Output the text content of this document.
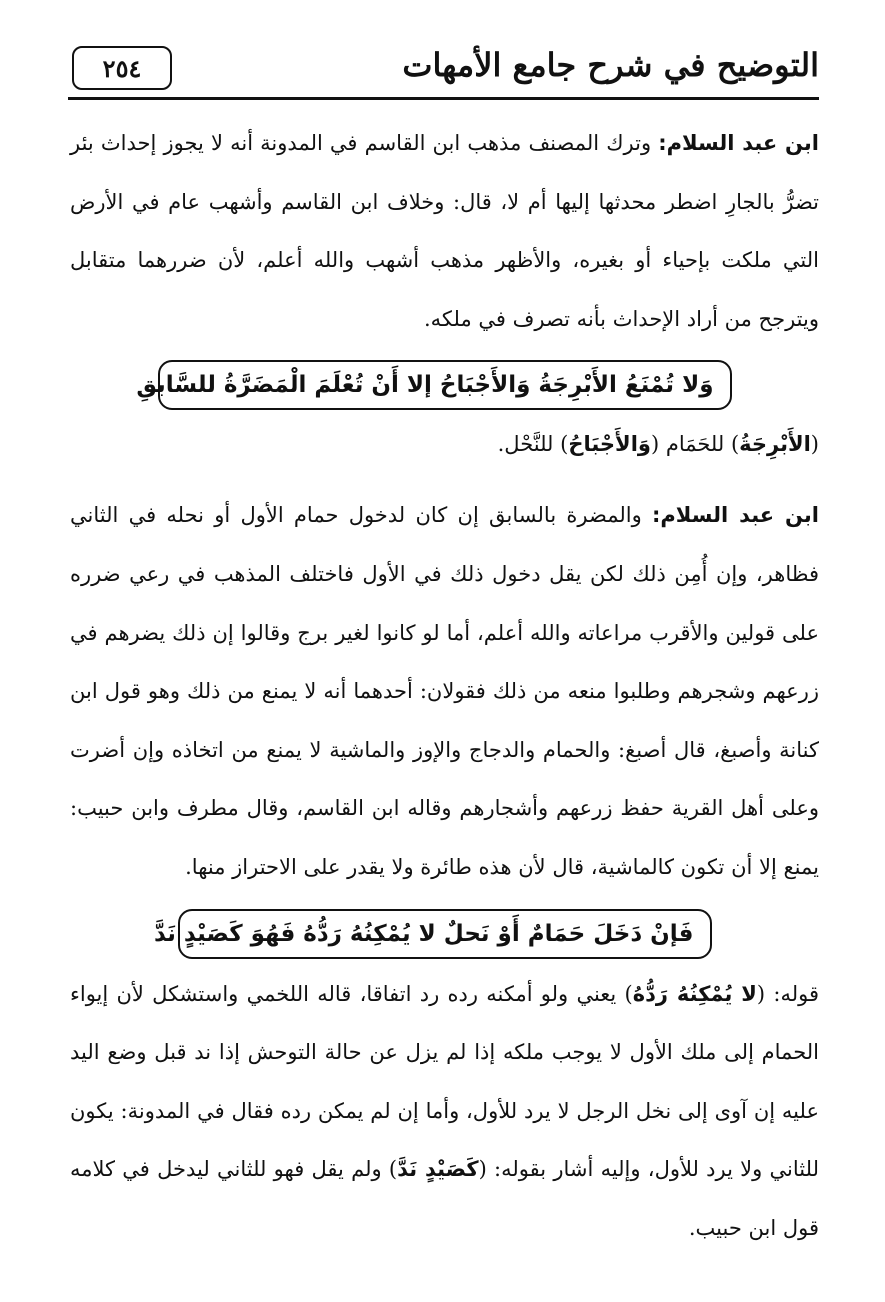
التوضيح في شرح جامع الأمهات
٢٥٤

ابن عبد السلام: وترك المصنف مذهب ابن القاسم في المدونة أنه لا يجوز إحداث بئر تضرُّ بالجارِ اضطر محدثها إليها أم لا، قال: وخلاف ابن القاسم وأشهب عام في الأرض التي ملكت بإحياء أو بغيره، والأظهر مذهب أشهب والله أعلم، لأن ضررهما متقابل ويترجح من أراد الإحداث بأنه تصرف في ملكه.

وَلا تُمْنَعُ الأَبْرِجَةُ وَالأَجْبَاحُ إلا أَنْ تُعْلَمَ الْمَضَرَّةُ للسَّابقِ

(الأَبْرِجَةُ) للحَمَام (وَالأَجْبَاحُ) للنَّحْل.

ابن عبد السلام: والمضرة بالسابق إن كان لدخول حمام الأول أو نحله في الثاني فظاهر، وإن أُمِن ذلك لكن يقل دخول ذلك في الأول فاختلف المذهب في رعي ضرره على قولين والأقرب مراعاته والله أعلم، أما لو كانوا لغير برج وقالوا إن ذلك يضرهم في زرعهم وشجرهم وطلبوا منعه من ذلك فقولان: أحدهما أنه لا يمنع من ذلك وهو قول ابن كنانة وأصبغ، قال أصبغ: والحمام والدجاج والإوز والماشية لا يمنع من اتخاذه وإن أضرت وعلى أهل القرية حفظ زرعهم وأشجارهم وقاله ابن القاسم، وقال مطرف وابن حبيب: يمنع إلا أن تكون كالماشية، قال لأن هذه طائرة ولا يقدر على الاحتراز منها.

فَإنْ دَخَلَ حَمَامٌ أَوْ نَحلٌ لا يُمْكِنُهُ رَدُّهُ فَهُوَ كَصَيْدٍ نَدَّ

قوله: (لا يُمْكِنُهُ رَدُّهُ) يعني ولو أمكنه رده رد اتفاقا، قاله اللخمي واستشكل لأن إيواء الحمام إلى ملك الأول لا يوجب ملكه إذا لم يزل عن حالة التوحش إذا ند قبل وضع اليد عليه إن آوى إلى نخل الرجل لا يرد للأول، وأما إن لم يمكن رده فقال في المدونة: يكون للثاني ولا يرد للأول، وإليه أشار بقوله: (كَصَيْدٍ نَدَّ) ولم يقل فهو للثاني ليدخل في كلامه قول ابن حبيب.
